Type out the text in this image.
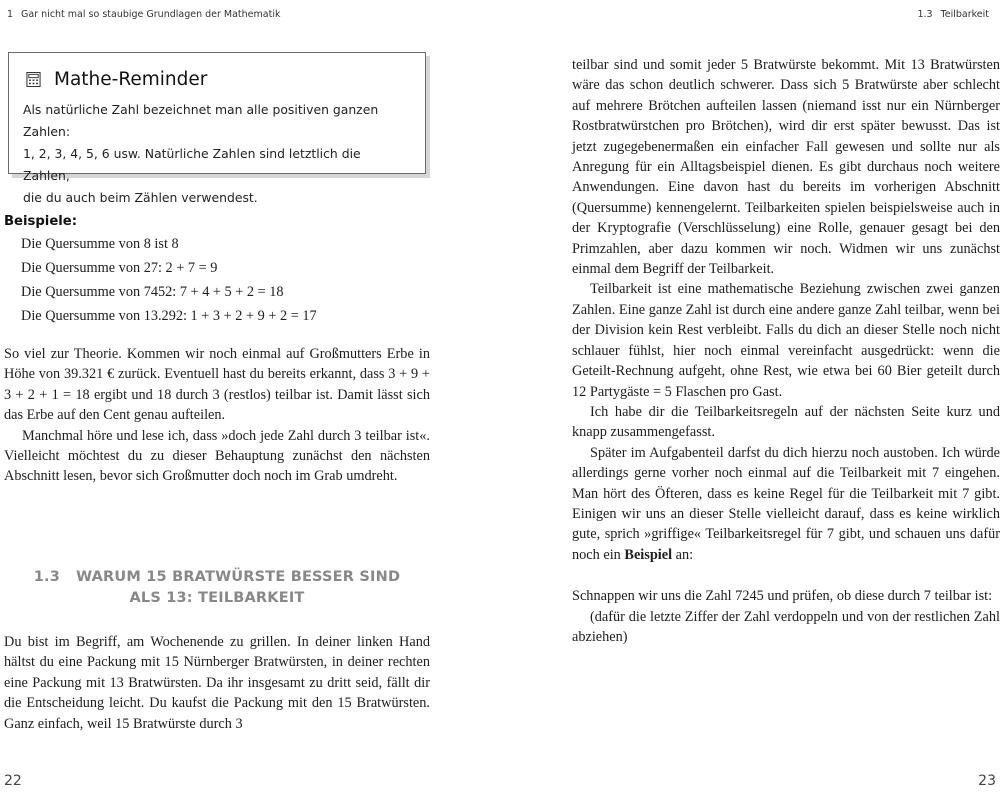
1 Gar nicht mal so staubige Grundlagen der Mathematik	1.3 Teilbarkeit
Mathe-Reminder
Als natürliche Zahl bezeichnet man alle positiven ganzen Zahlen:
1, 2, 3, 4, 5, 6 usw. Natürliche Zahlen sind letztlich die Zahlen,
die du auch beim Zählen verwendest.
Beispiele:
Die Quersumme von 8 ist 8
Die Quersumme von 27: 2 + 7 = 9
Die Quersumme von 7452: 7 + 4 + 5 + 2 = 18
Die Quersumme von 13.292: 1 + 3 + 2 + 9 + 2 = 17

So viel zur Theorie. Kommen wir noch einmal auf Großmutters Erbe in Höhe von 39.321 € zurück. Eventuell hast du bereits erkannt, dass 3 + 9 + 3 + 2 + 1 = 18 ergibt und 18 durch 3 (restlos) teilbar ist. Damit lässt sich das Erbe auf den Cent genau aufteilen.

Manchmal höre und lese ich, dass »doch jede Zahl durch 3 teilbar ist«. Vielleicht möchtest du zu dieser Behauptung zunächst den nächsten Abschnitt lesen, bevor sich Großmutter doch noch im Grab umdreht.

1.3 WARUM 15 BRATWÜRSTE BESSER SIND
ALS 13: TEILBARKEIT

Du bist im Begriff, am Wochenende zu grillen. In deiner linken Hand hältst du eine Packung mit 15 Nürnberger Bratwürsten, in deiner rechten eine Packung mit 13 Bratwürsten. Da ihr insgesamt zu dritt seid, fällt dir die Entscheidung leicht. Du kaufst die Packung mit den 15 Bratwürsten. Ganz einfach, weil 15 Bratwürste durch 3

teilbar sind und somit jeder 5 Bratwürste bekommt. Mit 13 Bratwürsten wäre das schon deutlich schwerer. Dass sich 5 Bratwürste aber schlecht auf mehrere Brötchen aufteilen lassen (niemand isst nur ein Nürnberger Rostbratwürstchen pro Brötchen), wird dir erst später bewusst. Das ist jetzt zugegebenermaßen ein einfacher Fall gewesen und sollte nur als Anregung für ein Alltagsbeispiel dienen. Es gibt durchaus noch weitere Anwendungen. Eine davon hast du bereits im vorherigen Abschnitt (Quersumme) kennengelernt. Teilbarkeiten spielen beispielsweise auch in der Kryptografie (Verschlüsselung) eine Rolle, genauer gesagt bei den Primzahlen, aber dazu kommen wir noch. Widmen wir uns zunächst einmal dem Begriff der Teilbarkeit.

Teilbarkeit ist eine mathematische Beziehung zwischen zwei ganzen Zahlen. Eine ganze Zahl ist durch eine andere ganze Zahl teilbar, wenn bei der Division kein Rest verbleibt. Falls du dich an dieser Stelle noch nicht schlauer fühlst, hier noch einmal vereinfacht ausgedrückt: wenn die Geteilt-Rechnung aufgeht, ohne Rest, wie etwa bei 60 Bier geteilt durch 12 Partygäste = 5 Flaschen pro Gast.

Ich habe dir die Teilbarkeitsregeln auf der nächsten Seite kurz und knapp zusammengefasst.

Später im Aufgabenteil darfst du dich hierzu noch austoben. Ich würde allerdings gerne vorher noch einmal auf die Teilbarkeit mit 7 eingehen. Man hört des Öfteren, dass es keine Regel für die Teilbarkeit mit 7 gibt. Einigen wir uns an dieser Stelle vielleicht darauf, dass es keine wirklich gute, sprich »griffige« Teilbarkeitsregel für 7 gibt, und schauen uns dafür noch ein Beispiel an:

Schnappen wir uns die Zahl 7245 und prüfen, ob diese durch 7 teilbar ist:

(dafür die letzte Ziffer der Zahl verdoppeln und von der restlichen Zahl abziehen)

22	23
